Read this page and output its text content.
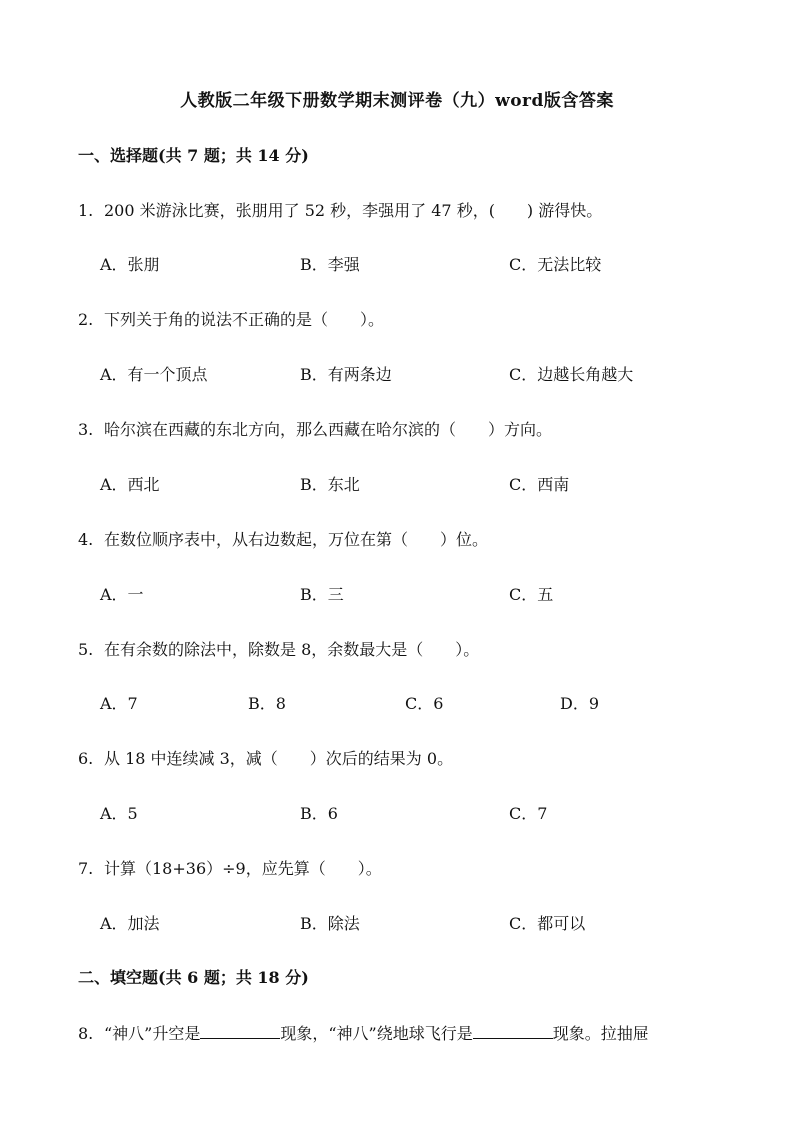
人教版二年级下册数学期末测评卷（九）word版含答案
一、选择题(共 7 题；共 14 分)
1. 200 米游泳比赛，张朋用了 52 秒，李强用了 47 秒，(　　) 游得快。
A．张朋	B．李强	C．无法比较
2. 下列关于角的说法不正确的是（　　）。
A．有一个顶点	B．有两条边	C．边越长角越大
3. 哈尔滨在西藏的东北方向，那么西藏在哈尔滨的（　　）方向。
A．西北	B．东北	C．西南
4. 在数位顺序表中，从右边数起，万位在第（　　）位。
A．一	B．三	C．五
5. 在有余数的除法中，除数是 8，余数最大是（　　）。
A．7	B．8	C．6	D．9
6. 从 18 中连续减 3，减（　　）次后的结果为 0。
A．5	B．6	C．7
7. 计算（18+36）÷9，应先算（　　）。
A．加法	B．除法	C．都可以
二、填空题(共 6 题；共 18 分)
8. “神八”升空是	现象，“神八”绕地球飞行是	现象。拉抽屉
